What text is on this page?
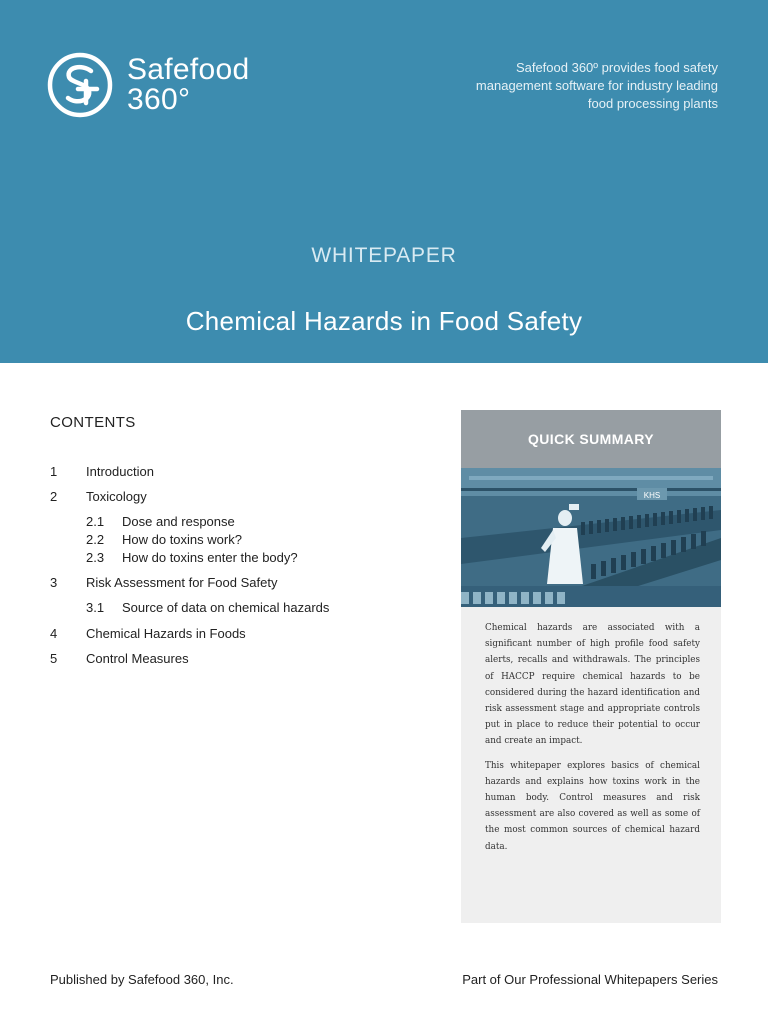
Safefood
360°
Safefood 360º provides food safety management software for industry leading food processing plants
WHITEPAPER
Chemical Hazards in Food Safety
CONTENTS
1 Introduction
2 Toxicology
2.1 Dose and response
2.2 How do toxins work?
2.3 How do toxins enter the body?
3 Risk Assessment for Food Safety
3.1 Source of data on chemical hazards
4 Chemical Hazards in Foods
5 Control Measures
QUICK SUMMARY
KHS

Chemical hazards are associated with a significant number of high profile food safety alerts, recalls and withdrawals. The principles of HACCP require chemical hazards to be considered during the hazard identification and risk assessment stage and appropriate controls put in place to reduce their potential to occur and create an impact.

This whitepaper explores basics of chemical hazards and explains how toxins work in the human body. Control measures and risk assessment are also covered as well as some of the most common sources of chemical hazard data.

Published by Safefood 360, Inc.	Part of Our Professional Whitepapers Series
